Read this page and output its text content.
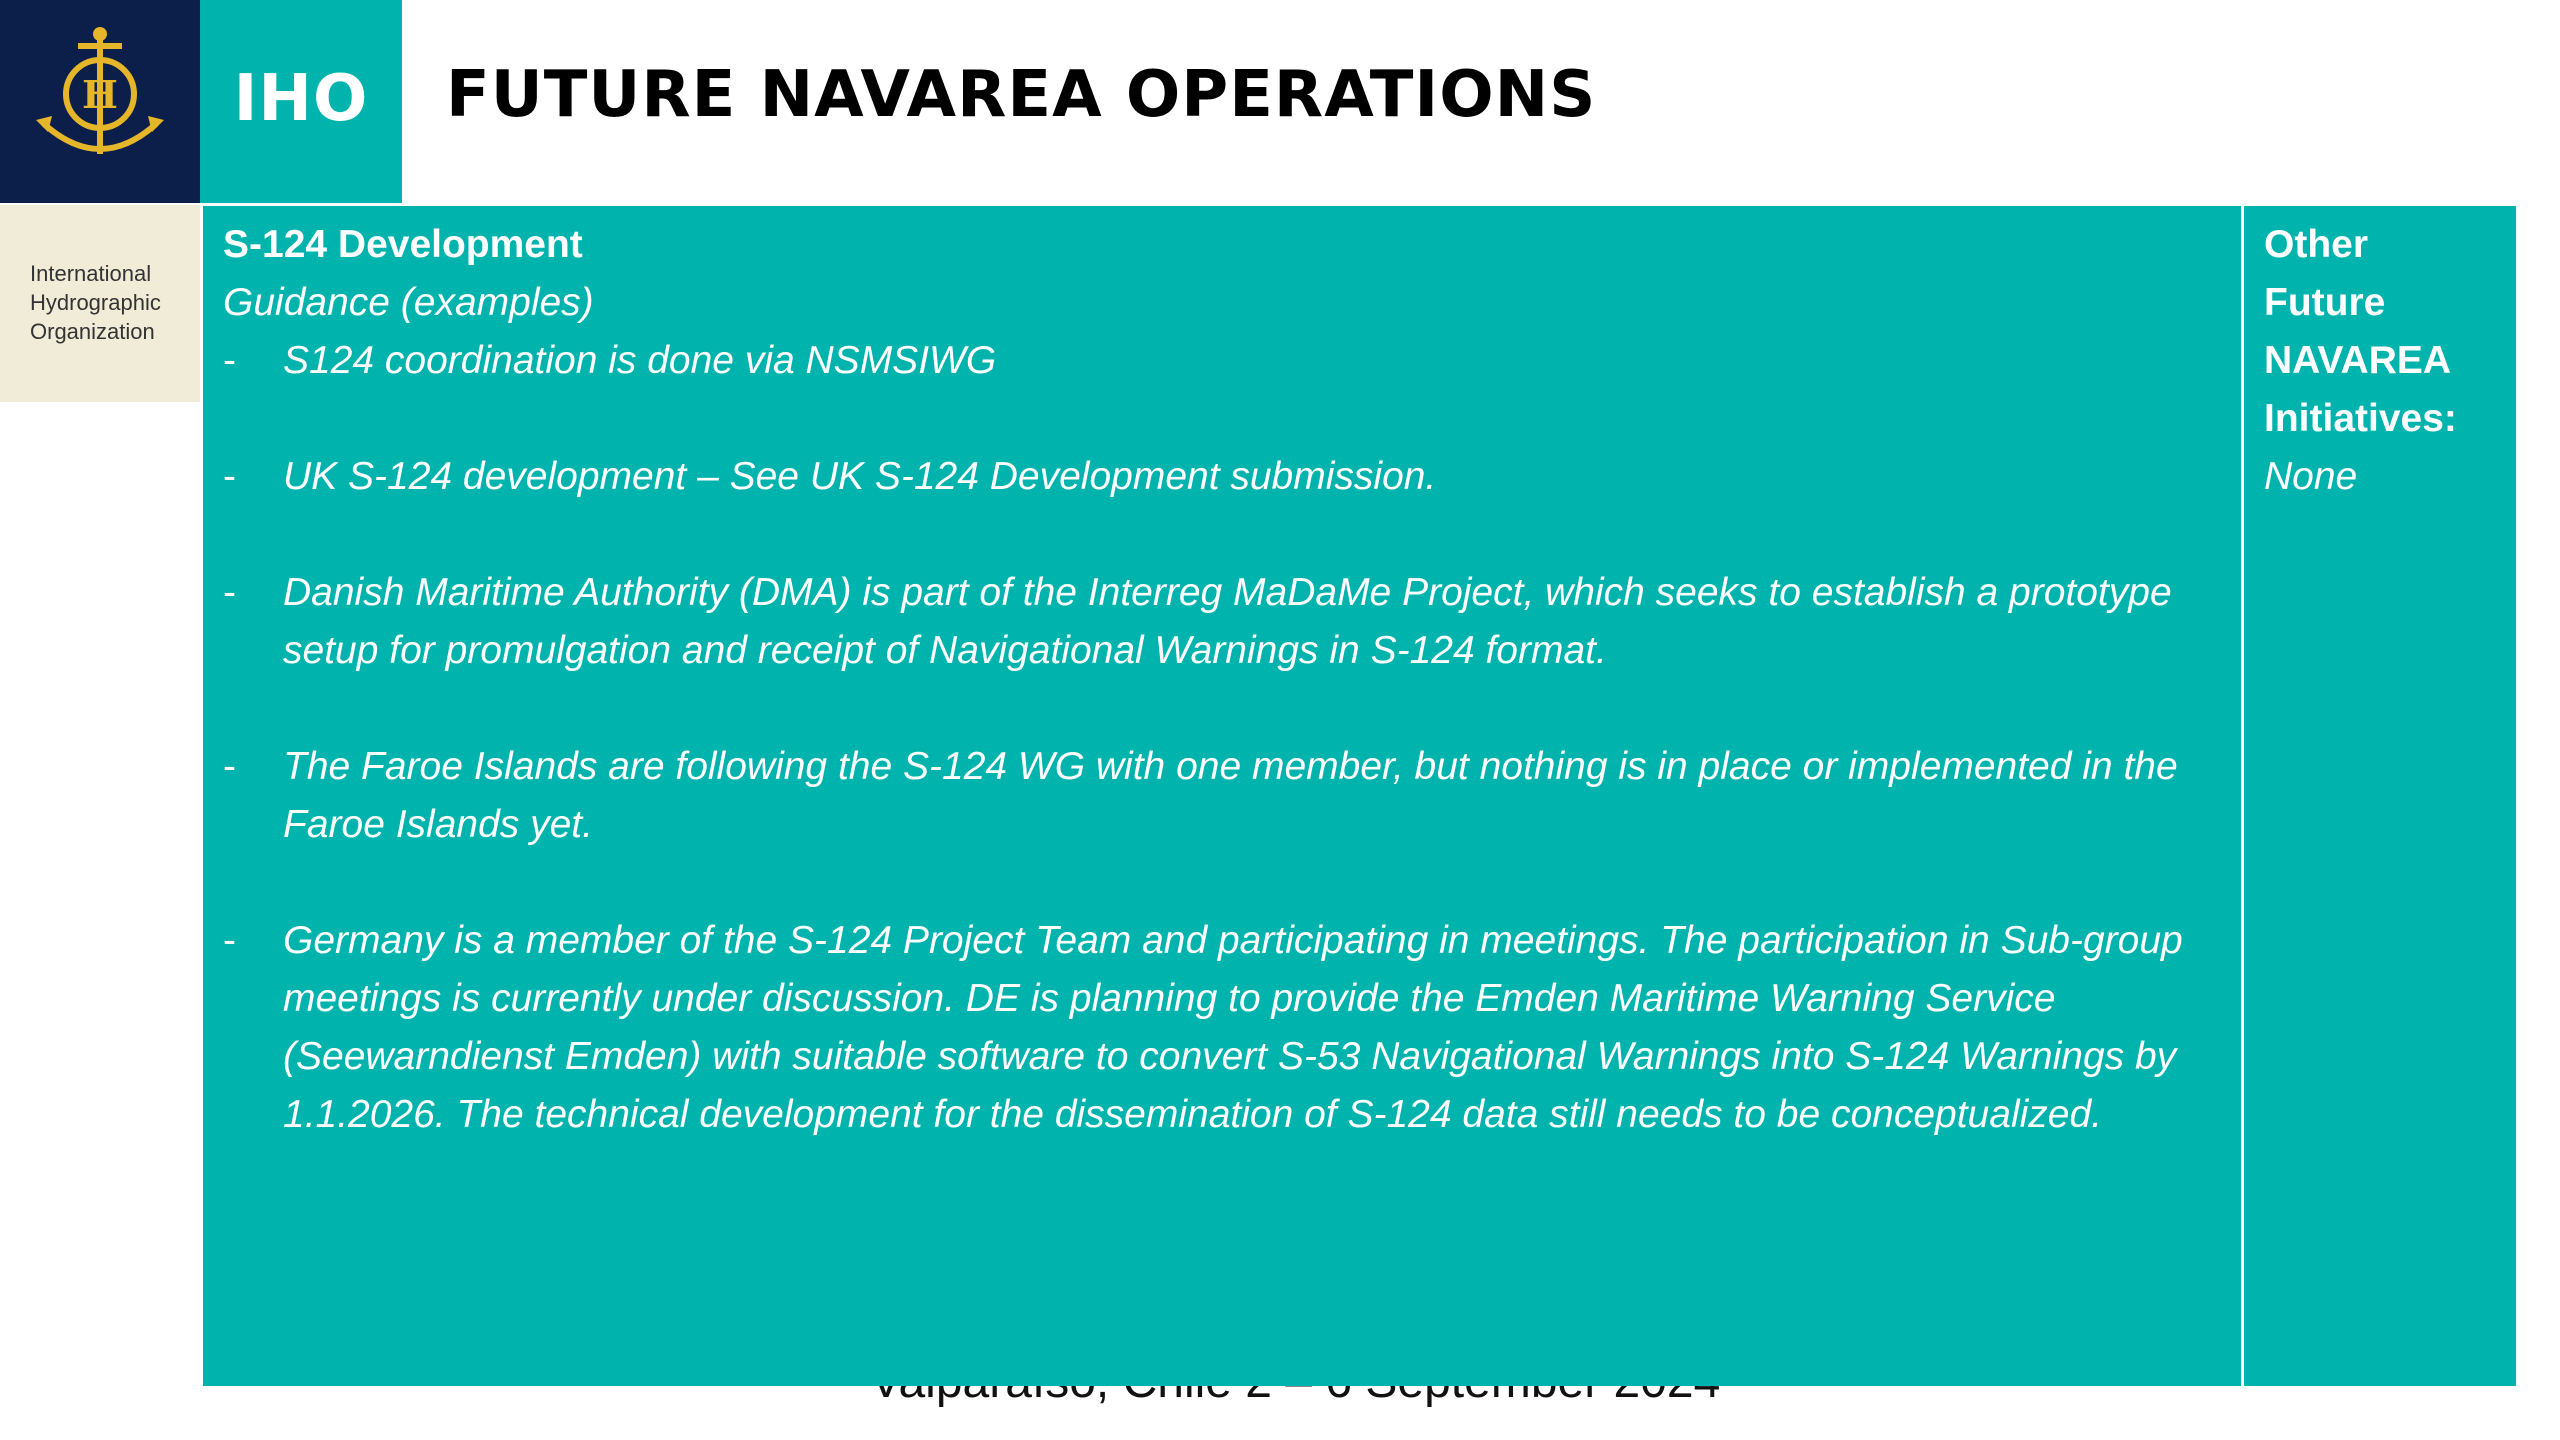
H	IHO	FUTURE NAVAREA OPERATIONS
International
Hydrographic
Organization
S-124 Development
Guidance (examples)
- S124 coordination is done via NSMSIWG
- UK S-124 development – See UK S-124 Development submission.
- Danish Maritime Authority (DMA) is part of the Interreg MaDaMe Project, which seeks to establish a prototype setup for promulgation and receipt of Navigational Warnings in S-124 format.
- The Faroe Islands are following the S-124 WG with one member, but nothing is in place or implemented in the Faroe Islands yet.
- Germany is a member of the S-124 Project Team and participating in meetings. The participation in Sub-group meetings is currently under discussion. DE is planning to provide the Emden Maritime Warning Service (Seewarndienst Emden) with suitable software to convert S-53 Navigational Warnings into S-124 Warnings by 1.1.2026. The technical development for the dissemination of S-124 data still needs to be conceptualized.
Other
Future
NAVAREA
Initiatives:
None
